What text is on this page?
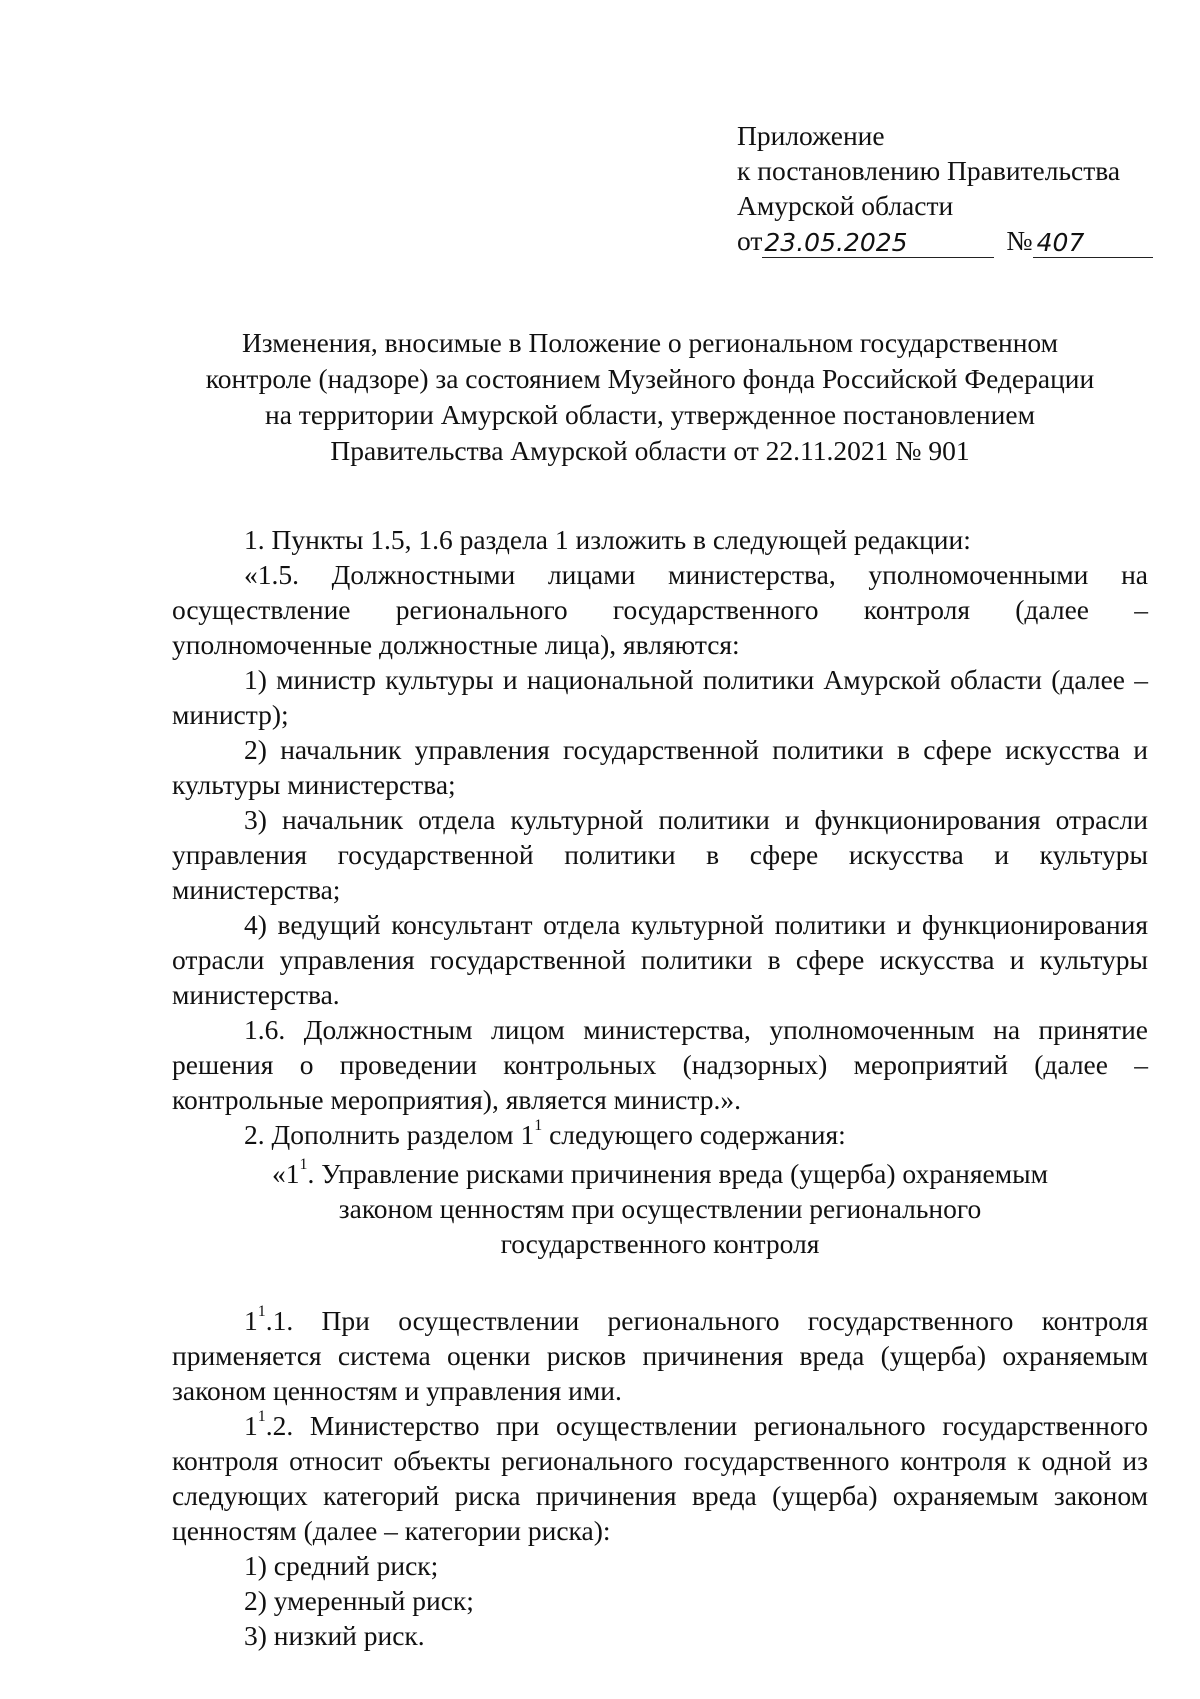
Приложение
к постановлению Правительства
Амурской области
от 23.05.2025	№ 407
Изменения, вносимые в Положение о региональном государственном
контроле (надзоре) за состоянием Музейного фонда Российской Федерации
на территории Амурской области, утвержденное постановлением
Правительства Амурской области от 22.11.2021 № 901

1. Пункты 1.5, 1.6 раздела 1 изложить в следующей редакции:

«1.5. Должностными лицами министерства, уполномоченными на осуществление регионального государственного контроля (далее – уполномоченные должностные лица), являются:

1) министр культуры и национальной политики Амурской области (далее – министр);

2) начальник управления государственной политики в сфере искусства и культуры министерства;

3) начальник отдела культурной политики и функционирования отрасли управления государственной политики в сфере искусства и культуры министерства;

4) ведущий консультант отдела культурной политики и функционирования отрасли управления государственной политики в сфере искусства и культуры министерства.

1.6. Должностным лицом министерства, уполномоченным на принятие решения о проведении контрольных (надзорных) мероприятий (далее – контрольные мероприятия), является министр.».

2. Дополнить разделом $1^1$ следующего содержания:

«$1^1$. Управление рисками причинения вреда (ущерба) охраняемым
законом ценностям при осуществлении регионального
государственного контроля

$1^1.1$. При осуществлении регионального государственного контроля применяется система оценки рисков причинения вреда (ущерба) охраняемым законом ценностям и управления ими.

$1^1.2$. Министерство при осуществлении регионального государственного контроля относит объекты регионального государственного контроля к одной из следующих категорий риска причинения вреда (ущерба) охраняемым законом ценностям (далее – категории риска):

1) средний риск;

2) умеренный риск;

3) низкий риск.
